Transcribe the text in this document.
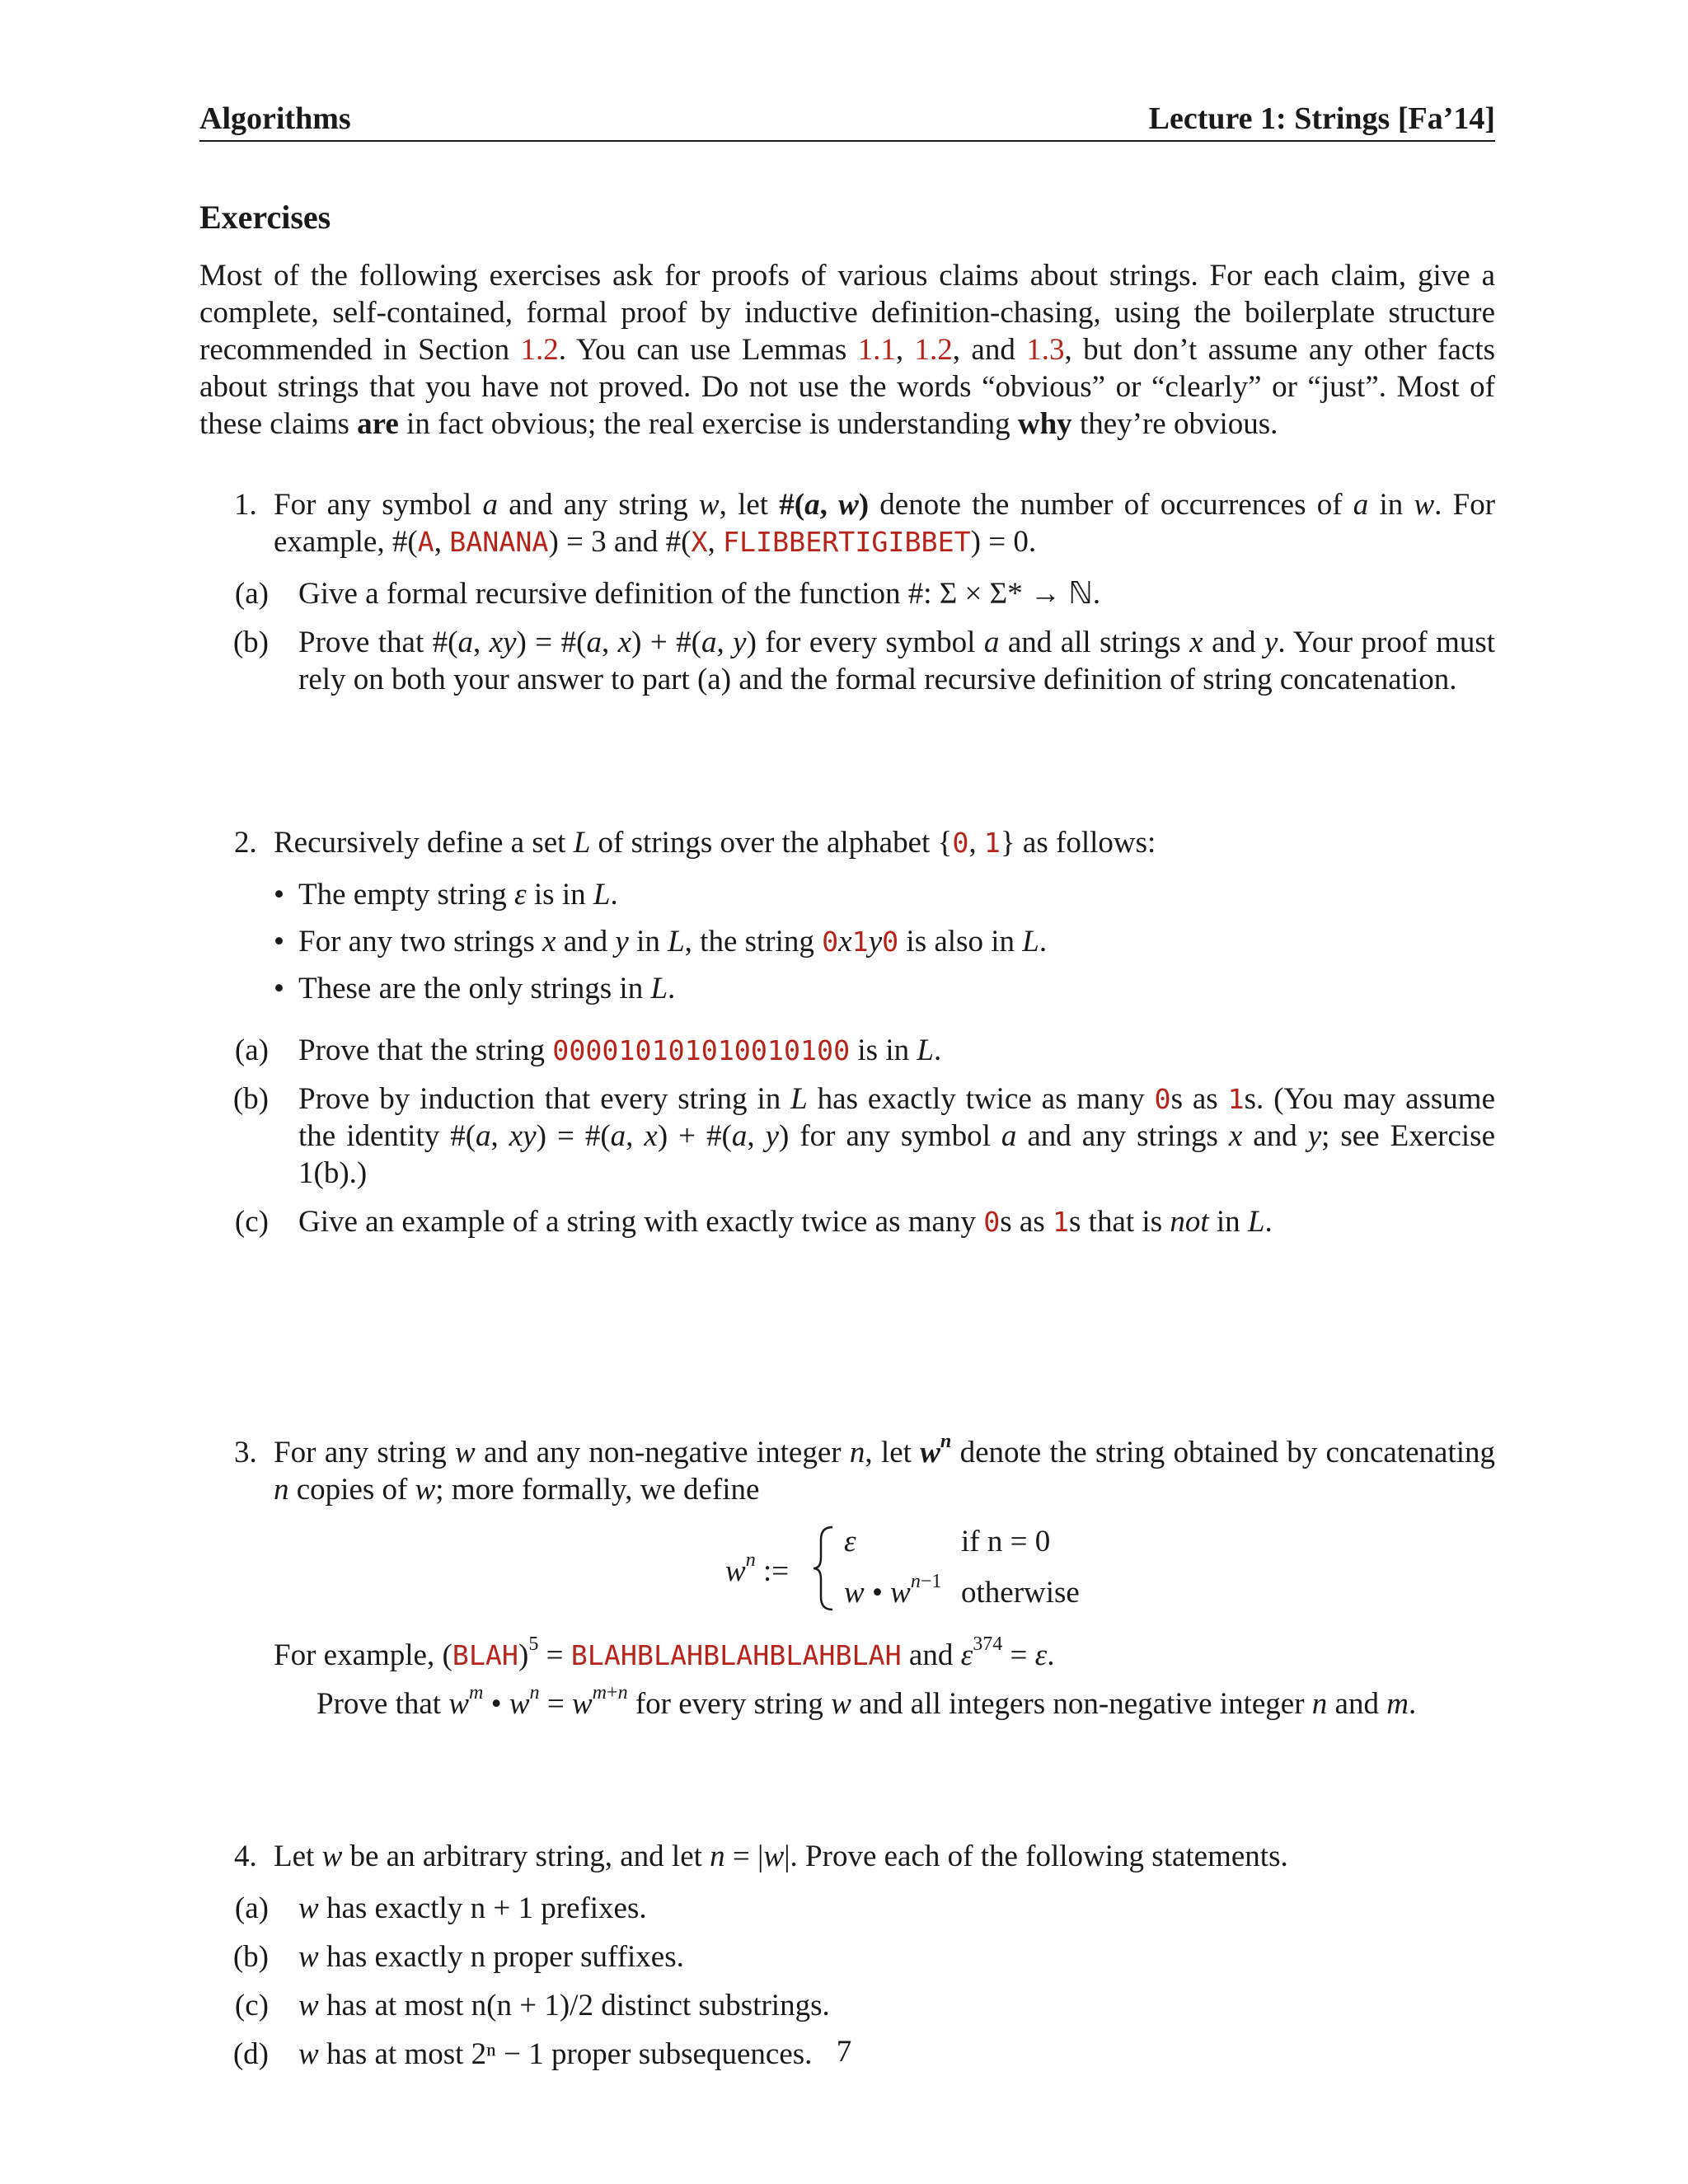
Algorithms	Lecture 1: Strings [Fa’14]
Exercises
Most of the following exercises ask for proofs of various claims about strings. For each claim, give a complete, self-contained, formal proof by inductive definition-chasing, using the boilerplate structure recommended in Section 1.2. You can use Lemmas 1.1, 1.2, and 1.3, but don’t assume any other facts about strings that you have not proved. Do not use the words “obvious” or “clearly” or “just”. Most of these claims are in fact obvious; the real exercise is understanding why they’re obvious.
1. For any symbol a and any string w, let #(a, w) denote the number of occurrences of a in w. For example, #(A, BANANA) = 3 and #(X, FLIBBERTIGIBBET) = 0.
(a) Give a formal recursive definition of the function #: Σ × Σ* → ℕ.
(b) Prove that #(a, xy) = #(a, x) + #(a, y) for every symbol a and all strings x and y. Your proof must rely on both your answer to part (a) and the formal recursive definition of string concatenation.
2. Recursively define a set L of strings over the alphabet {0, 1} as follows:
• The empty string ε is in L.
• For any two strings x and y in L, the string 0x1y0 is also in L.
• These are the only strings in L.
(a) Prove that the string 000010101010010100 is in L.
(b) Prove by induction that every string in L has exactly twice as many 0s as 1s. (You may assume the identity #(a, xy) = #(a, x) + #(a, y) for any symbol a and any strings x and y; see Exercise 1(b).)
(c) Give an example of a string with exactly twice as many 0s as 1s that is not in L.
3. For any string w and any non-negative integer n, let $w^n$ denote the string obtained by concatenating n copies of w; more formally, we define
$w^n$ :=
ε	if n = 0
w • $w^{n-1}$ otherwise
For example, (BLAH)$^5$ = BLAHBLAHBLAHBLAHBLAH and $\varepsilon^{374} = \varepsilon$.
Prove that $w^m$ • $w^n = w^{m+n}$ for every string w and all integers non-negative integer n and m.
4. Let w be an arbitrary string, and let n = |w|. Prove each of the following statements.
(a) w has exactly n + 1 prefixes.
(b) w has exactly n proper suffixes.
(c) w has at most n(n + 1)/2 distinct substrings.
(d) w has at most 2ⁿ − 1 proper subsequences. 7
